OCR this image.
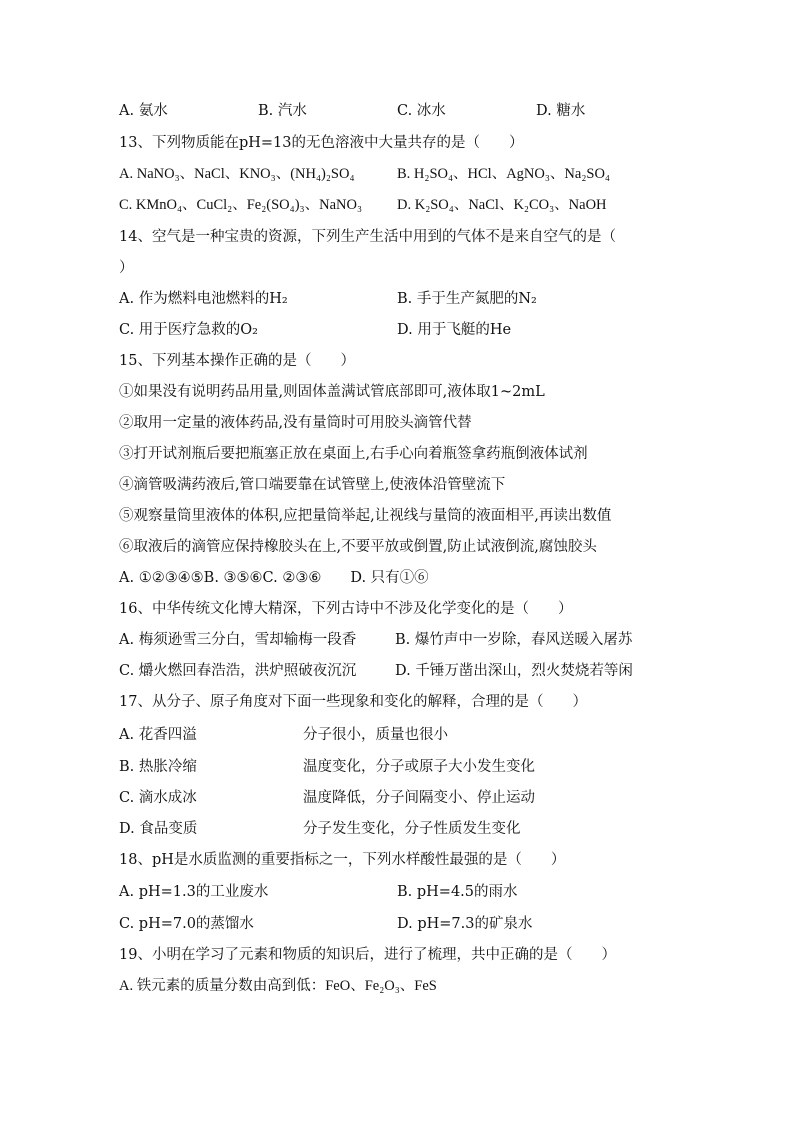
A. 氨水	B. 汽水	C. 冰水	D. 糖水
13、下列物质能在pH=13的无色溶液中大量共存的是（　　）
A. NaNO₃、NaCl、KNO₃、(NH₄)₂SO₄	B. H₂SO₄、HCl、AgNO₃、Na₂SO₄
C. KMnO₄、CuCl₂、Fe₂(SO₄)₃、NaNO₃ D. K₂SO₄、NaCl、K₂CO₃、NaOH
14、空气是一种宝贵的资源，下列生产生活中用到的气体不是来自空气的是（
）
A. 作为燃料电池燃料的H₂	B. 手于生产氮肥的N₂
C. 用于医疗急救的O₂	D. 用于飞艇的He
15、下列基本操作正确的是（　　）
①如果没有说明药品用量,则固体盖满试管底部即可,液体取1~2mL
②取用一定量的液体药品,没有量筒时可用胶头滴管代替
③打开试剂瓶后要把瓶塞正放在桌面上,右手心向着瓶签拿药瓶倒液体试剂
④滴管吸满药液后,管口端要靠在试管壁上,使液体沿管壁流下
⑤观察量筒里液体的体积,应把量筒举起,让视线与量筒的液面相平,再读出数值
⑥取液后的滴管应保持橡胶头在上,不要平放或倒置,防止试液倒流,腐蚀胶头
A. ①②③④⑤B. ③⑤⑥C. ②③⑥　　D. 只有①⑥
16、中华传统文化博大精深，下列古诗中不涉及化学变化的是（　　）
A. 梅须逊雪三分白，雪却输梅一段香	B. 爆竹声中一岁除，春风送暖入屠苏
C. 爝火燃回春浩浩，洪炉照破夜沉沉	D. 千锤万凿出深山，烈火焚烧若等闲
17、从分子、原子角度对下面一些现象和变化的解释，合理的是（　　）
A. 花香四溢	分子很小，质量也很小
B. 热胀冷缩	温度变化，分子或原子大小发生变化
C. 滴水成冰	温度降低，分子间隔变小、停止运动
D. 食品变质	分子发生变化，分子性质发生变化
18、pH是水质监测的重要指标之一，下列水样酸性最强的是（　　）
A. pH=1.3的工业废水	B. pH=4.5的雨水
C. pH=7.0的蒸馏水	D. pH=7.3的矿泉水
19、小明在学习了元素和物质的知识后，进行了梳理，共中正确的是（　　）
A. 铁元素的质量分数由高到低：FeO、Fe₂O₃、FeS
